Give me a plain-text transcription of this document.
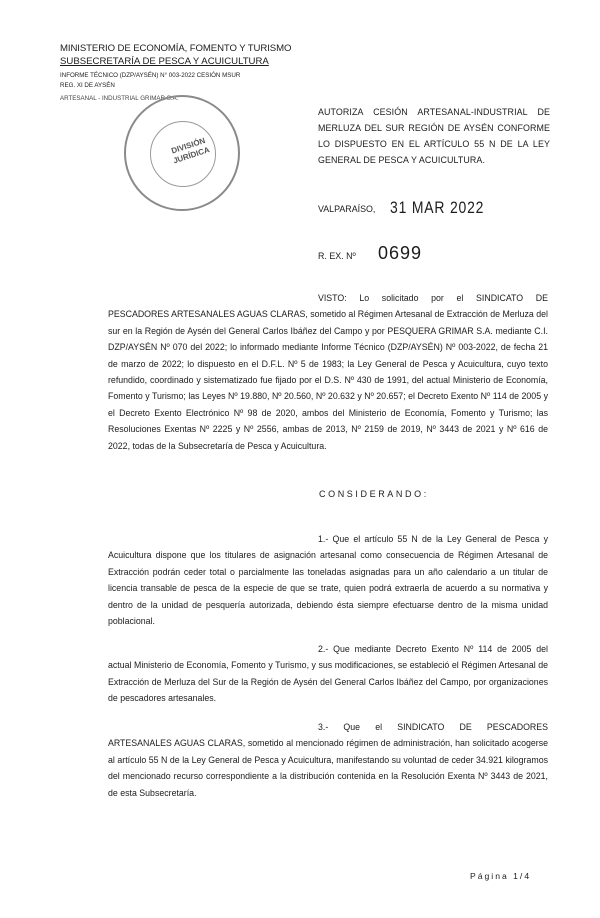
MINISTERIO DE ECONOMÍA, FOMENTO Y TURISMO
SUBSECRETARÍA DE PESCA Y ACUICULTURA
INFORME TÉCNICO (DZP/AYSÉN) N° 003-2022 CESIÓN MSUR
REG. XI DE AYSÉN
ARTESANAL - INDUSTRIAL GRIMAR S.A.
DIVISIÓN JURÍDICA
AUTORIZA CESIÓN ARTESANAL-INDUSTRIAL DE MERLUZA DEL SUR REGIÓN DE AYSÉN CONFORME LO DISPUESTO EN EL ARTÍCULO 55 N DE LA LEY GENERAL DE PESCA Y ACUICULTURA.
VALPARAÍSO, 31 MAR 2022
R. EX. Nº 0699
VISTO: Lo solicitado por el SINDICATO DE PESCADORES ARTESANALES AGUAS CLARAS, sometido al Régimen Artesanal de Extracción de Merluza del sur en la Región de Aysén del General Carlos Ibáñez del Campo y por PESQUERA GRIMAR S.A. mediante C.I. DZP/AYSÉN Nº 070 del 2022; lo informado mediante Informe Técnico (DZP/AYSÉN) Nº 003-2022, de fecha 21 de marzo de 2022; lo dispuesto en el D.F.L. Nº 5 de 1983; la Ley General de Pesca y Acuicultura, cuyo texto refundido, coordinado y sistematizado fue fijado por el D.S. Nº 430 de 1991, del actual Ministerio de Economía, Fomento y Turismo; las Leyes Nº 19.880, Nº 20.560, Nº 20.632 y Nº 20.657; el Decreto Exento Nº 114 de 2005 y el Decreto Exento Electrónico Nº 98 de 2020, ambos del Ministerio de Economía, Fomento y Turismo; las Resoluciones Exentas Nº 2225 y Nº 2556, ambas de 2013, Nº 2159 de 2019, Nº 3443 de 2021 y Nº 616 de 2022, todas de la Subsecretaría de Pesca y Acuicultura.
CONSIDERANDO:
1.- Que el artículo 55 N de la Ley General de Pesca y Acuicultura dispone que los titulares de asignación artesanal como consecuencia de Régimen Artesanal de Extracción podrán ceder total o parcialmente las toneladas asignadas para un año calendario a un titular de licencia transable de pesca de la especie de que se trate, quien podrá extraerla de acuerdo a su normativa y dentro de la unidad de pesquería autorizada, debiendo ésta siempre efectuarse dentro de la misma unidad poblacional.
2.- Que mediante Decreto Exento Nº 114 de 2005 del actual Ministerio de Economía, Fomento y Turismo, y sus modificaciones, se estableció el Régimen Artesanal de Extracción de Merluza del Sur de la Región de Aysén del General Carlos Ibáñez del Campo, por organizaciones de pescadores artesanales.
3.- Que el SINDICATO DE PESCADORES ARTESANALES AGUAS CLARAS, sometido al mencionado régimen de administración, han solicitado acogerse al artículo 55 N de la Ley General de Pesca y Acuicultura, manifestando su voluntad de ceder 34.921 kilogramos del mencionado recurso correspondiente a la distribución contenida en la Resolución Exenta Nº 3443 de 2021, de esta Subsecretaría.
Página 1/4
